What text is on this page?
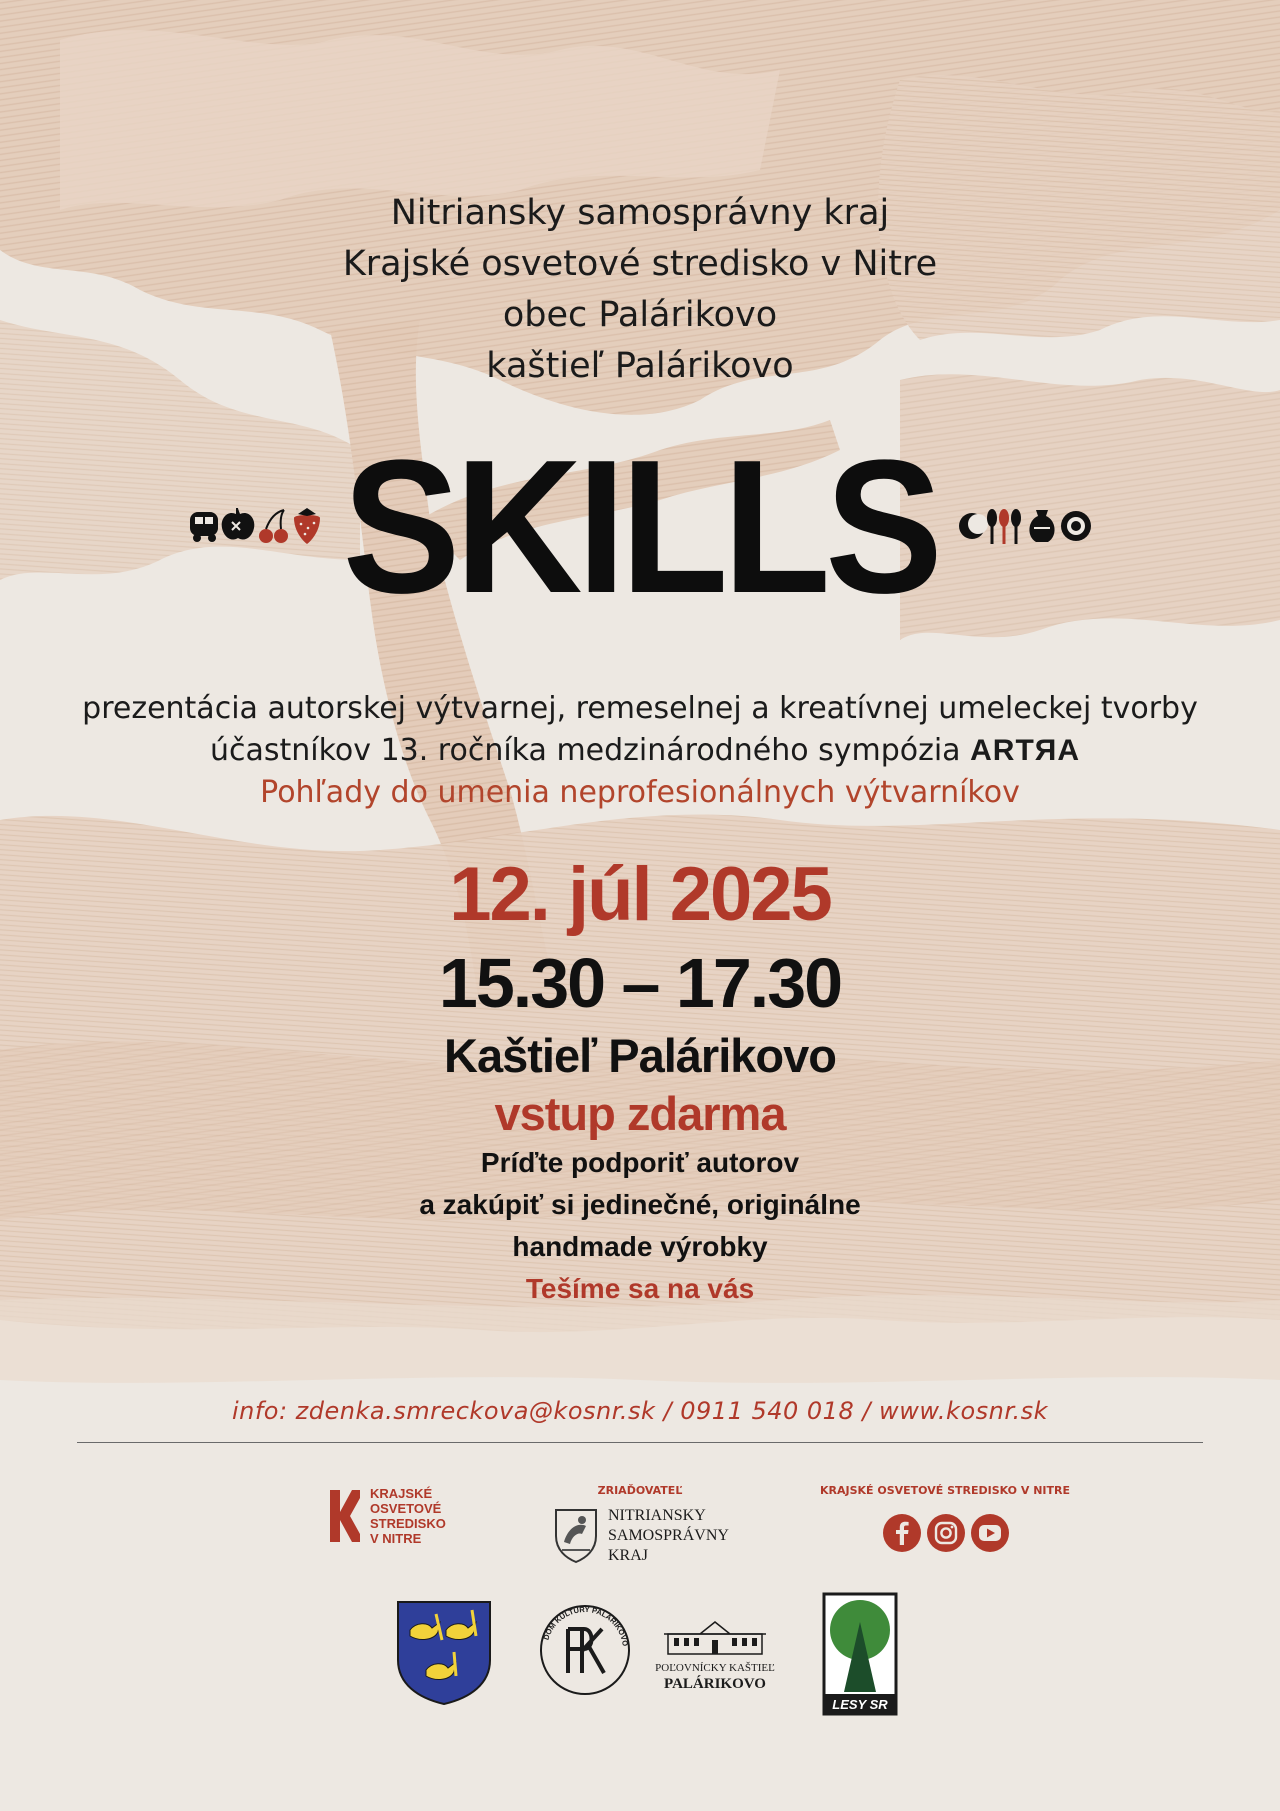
Nitriansky samosprávny kraj
Krajské osvetové stredisko v Nitre
obec Palárikovo
kaštieľ Palárikovo
SKILLS
prezentácia autorskej výtvarnej, remeselnej a kreatívnej umeleckej tvorby
účastníkov 13. ročníka medzinárodného sympózia ARTЯA
Pohľady do umenia neprofesionálnych výtvarníkov
12. júl 2025
15.30 – 17.30
Kaštieľ Palárikovo
vstup zdarma
Príďte podporiť autorov
a zakúpiť si jedinečné, originálne
handmade výrobky
Tešíme sa na vás
info: zdenka.smreckova@kosnr.sk / 0911 540 018 / www.kosnr.sk
KRAJSKÉ
OSVETOVÉ
STREDISKO
V NITRE
ZRIAĎOVATEĽ
NITRIANSKY
SAMOSPRÁVNY
KRAJ
KRAJSKÉ OSVETOVÉ STREDISKO V NITRE
DOM KULTÚRY PALÁRIKOVO
POĽOVNÍCKY KAŠTIEĽ
PALÁRIKOVO
LESY SR
